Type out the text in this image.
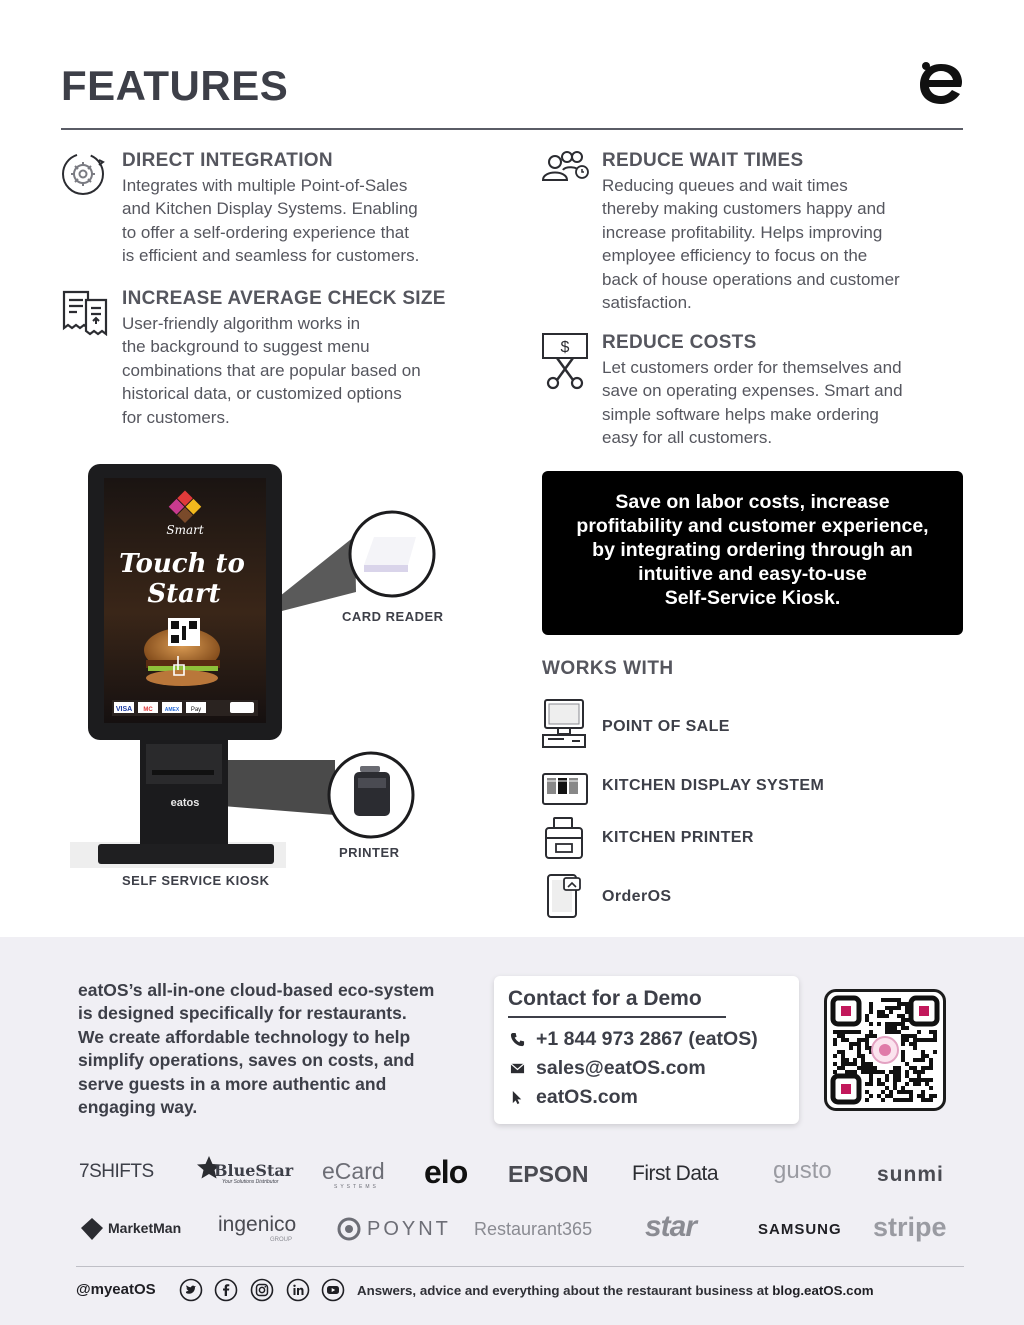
FEATURES
DIRECT INTEGRATION

Integrates with multiple Point-of-Sales
and Kitchen Display Systems. Enabling
to offer a self-ordering experience that
is efficient and seamless for customers.

INCREASE AVERAGE CHECK SIZE

User-friendly algorithm works in
the background to suggest menu
combinations that are popular based on
historical data, or customized options
for customers.

REDUCE WAIT TIMES

Reducing queues and wait times
thereby making customers happy and
increase profitability. Helps improving
employee efficiency to focus on the
back of house operations and customer
satisfaction.

$ REDUCE COSTS

Let customers order for themselves and
save on operating expenses. Smart and
simple software helps make ordering
easy for all customers.

eatos
Smart
Touch to
Start
VISA MC AMEX Pay
CARD READER
PRINTER
SELF SERVICE KIOSK
Save on labor costs, increase
profitability and customer experience,
by integrating ordering through an
intuitive and easy-to-use
Self-Service Kiosk.
WORKS WITH
POINT OF SALE
KITCHEN DISPLAY SYSTEM
KITCHEN PRINTER
OrderOS
eatOS’s all-in-one cloud-based eco-system
is designed specifically for restaurants.
We create affordable technology to help
simplify operations, saves on costs, and
serve guests in a more authentic and
engaging way.
Contact for a Demo
+1 844 973 2867 (eatOS)
sales@eatOS.com
eatOS.com
7SHIFTS	BlueStar
Your Solutions Distributor eCard
SYSTEMS elo EPSON First Data gusto sunmi
MarketMan ingenico
GROUP	POYNT Restaurant365 star	SAMSUNG stripe
@myeatOS	Answers, advice and everything about the restaurant business at blog.eatOS.com
